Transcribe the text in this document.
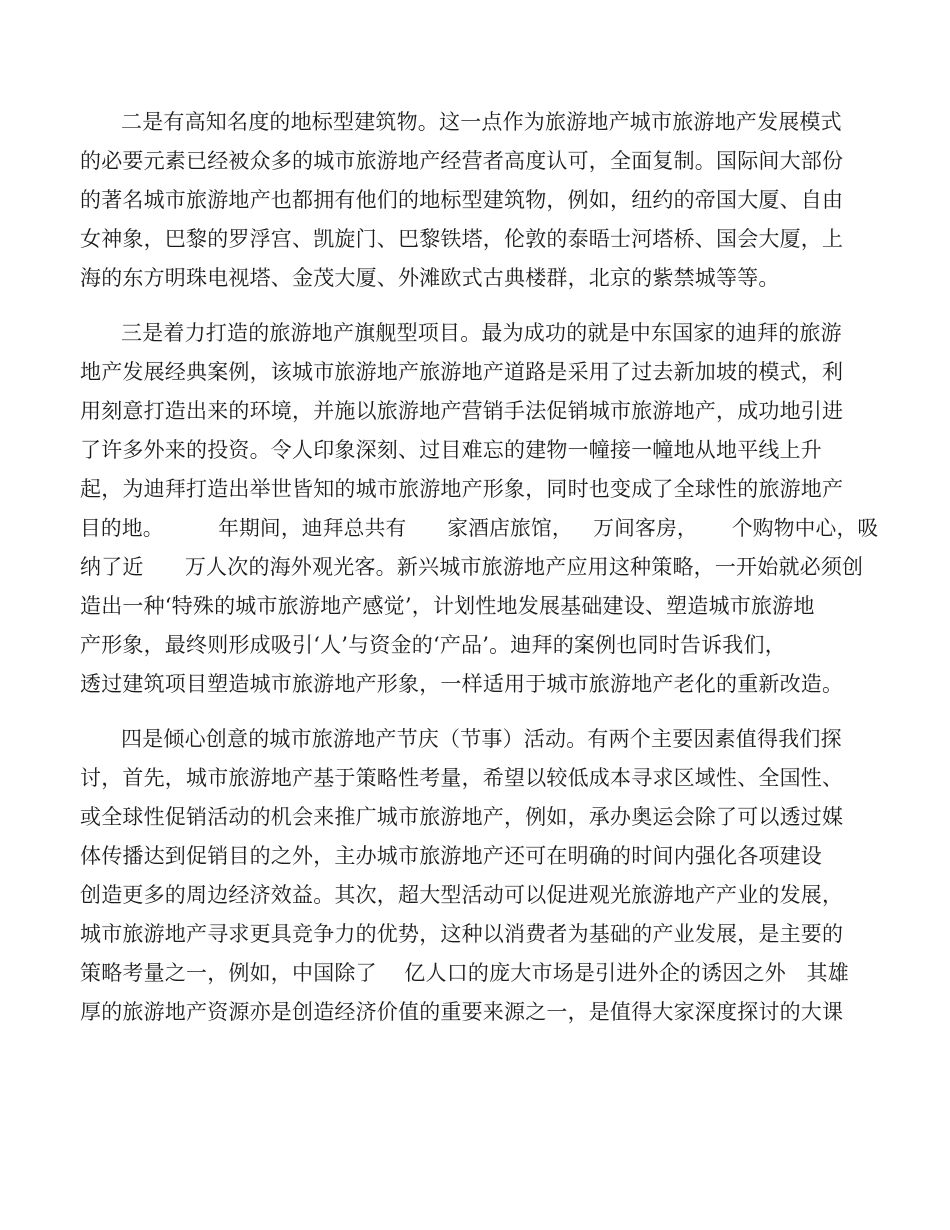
二是有高知名度的地标型建筑物。这一点作为旅游地产城市旅游地产发展模式
的必要元素已经被众多的城市旅游地产经营者高度认可，全面复制。国际间大部份
的著名城市旅游地产也都拥有他们的地标型建筑物，例如，纽约的帝国大厦、自由
女神象，巴黎的罗浮宫、凯旋门、巴黎铁塔，伦敦的泰晤士河塔桥、国会大厦，上
海的东方明珠电视塔、金茂大厦、外滩欧式古典楼群，北京的紫禁城等等。
三是着力打造的旅游地产旗舰型项目。最为成功的就是中东国家的迪拜的旅游
地产发展经典案例，该城市旅游地产旅游地产道路是采用了过去新加坡的模式，利
用刻意打造出来的环境，并施以旅游地产营销手法促销城市旅游地产，成功地引进
了许多外来的投资。令人印象深刻、过目难忘的建物一幢接一幢地从地平线上升
起，为迪拜打造出举世皆知的城市旅游地产形象，同时也变成了全球性的旅游地产
目的地。        年期间，迪拜总共有      家酒店旅馆，   万间客房，     个购物中心，吸
纳了近      万人次的海外观光客。新兴城市旅游地产应用这种策略，一开始就必须创
造出一种‘特殊的城市旅游地产感觉’，计划性地发展基础建设、塑造城市旅游地
产形象，最终则形成吸引‘人’与资金的‘产品’。迪拜的案例也同时告诉我们，
透过建筑项目塑造城市旅游地产形象，一样适用于城市旅游地产老化的重新改造。
四是倾心创意的城市旅游地产节庆（节事）活动。有两个主要因素值得我们探
讨，首先，城市旅游地产基于策略性考量，希望以较低成本寻求区域性、全国性、
或全球性促销活动的机会来推广城市旅游地产，例如，承办奥运会除了可以透过媒
体传播达到促销目的之外，主办城市旅游地产还可在明确的时间内强化各项建设
创造更多的周边经济效益。其次，超大型活动可以促进观光旅游地产产业的发展，
城市旅游地产寻求更具竞争力的优势，这种以消费者为基础的产业发展，是主要的
策略考量之一，例如，中国除了    亿人口的庞大市场是引进外企的诱因之外   其雄
厚的旅游地产资源亦是创造经济价值的重要来源之一，是值得大家深度探讨的大课
